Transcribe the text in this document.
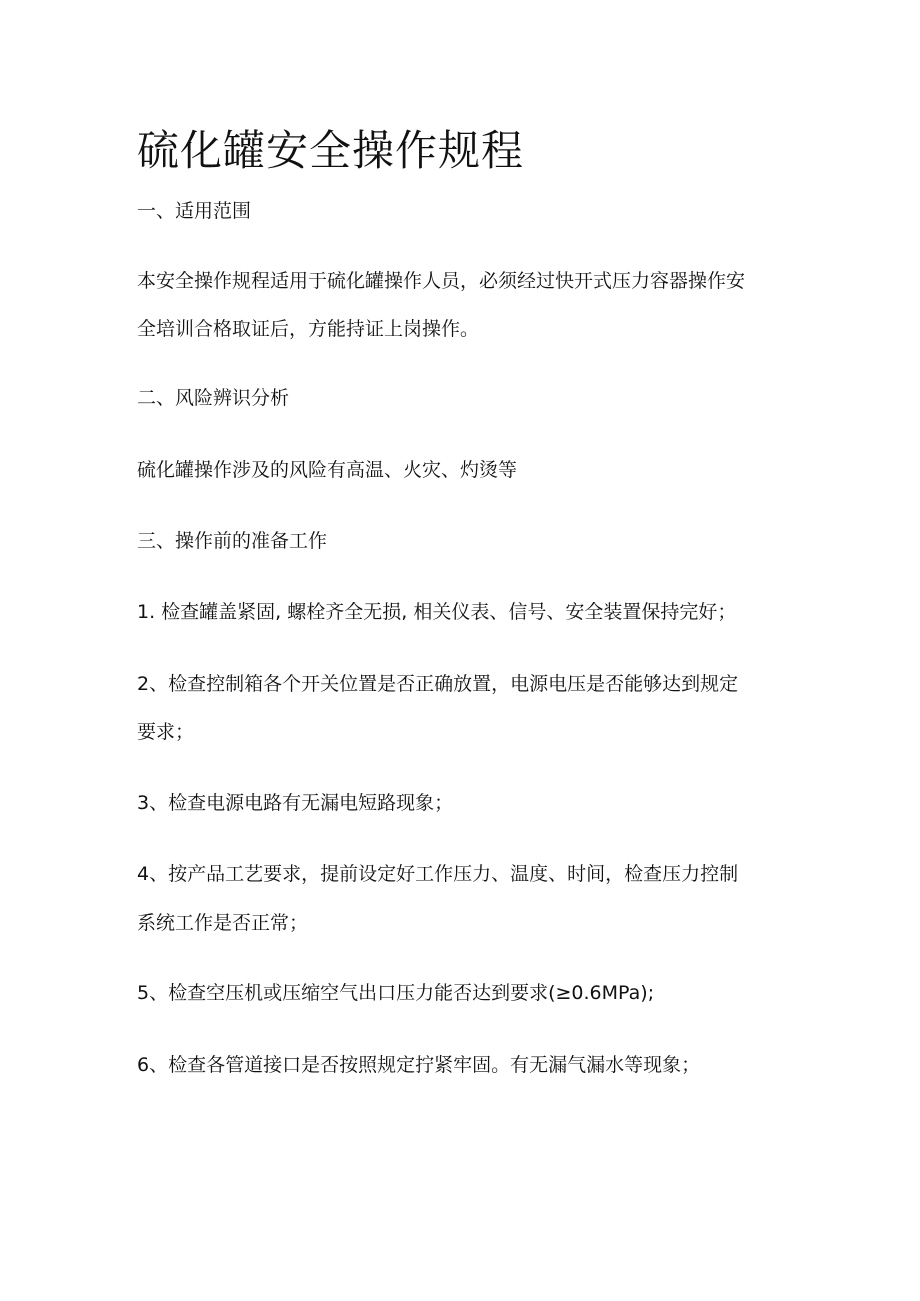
硫化罐安全操作规程
一、适用范围
本安全操作规程适用于硫化罐操作人员，必须经过快开式压力容器操作安
全培训合格取证后，方能持证上岗操作。
二、风险辨识分析
硫化罐操作涉及的风险有高温、火灾、灼烫等
三、操作前的准备工作
1. 检查罐盖紧固, 螺栓齐全无损, 相关仪表、信号、安全装置保持完好；
2、检查控制箱各个开关位置是否正确放置，电源电压是否能够达到规定
要求；
3、检查电源电路有无漏电短路现象；
4、按产品工艺要求，提前设定好工作压力、温度、时间，检查压力控制
系统工作是否正常；
5、检查空压机或压缩空气出口压力能否达到要求(≥0.6MPa);
6、检查各管道接口是否按照规定拧紧牢固。有无漏气漏水等现象；
